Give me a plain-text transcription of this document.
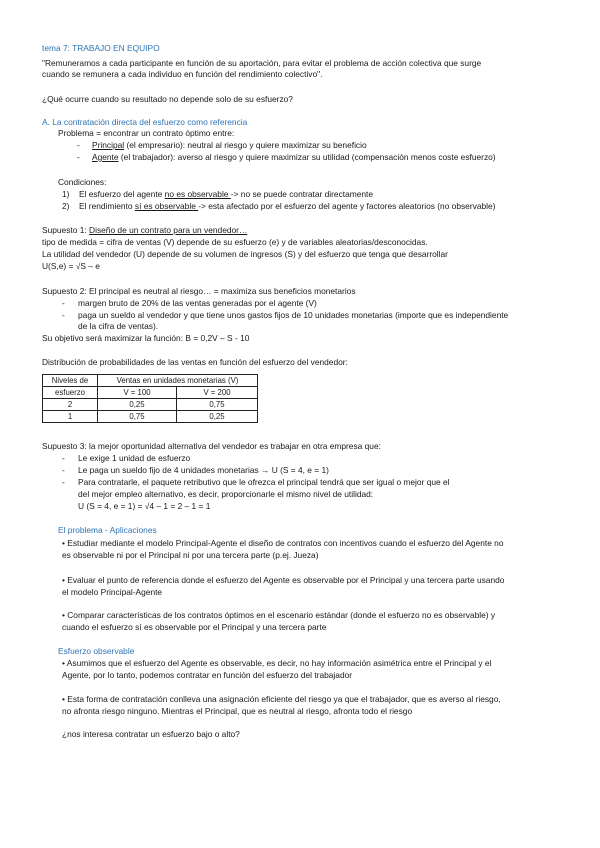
tema 7: TRABAJO EN EQUIPO
"Remuneramos a cada participante en función de su aportación, para evitar el problema de acción colectiva que surge
cuando se remunera a cada individuo en función del rendimiento colectivo".
¿Qué ocurre cuando su resultado no depende solo de su esfuerzo?
A. La contratación directa del esfuerzo como referencia
Problema = encontrar un contrato óptimo entre:
- Principal (el empresario): neutral al riesgo y quiere maximizar su beneficio
- Agente (el trabajador): averso al riesgo y quiere maximizar su utilidad (compensación menos coste esfuerzo)
Condiciones:
1) El esfuerzo del agente no es observable -> no se puede contratar directamente
2) El rendimiento sí es observable -> esta afectado por el esfuerzo del agente y factores aleatorios (no observable)
Supuesto 1: Diseño de un contrato para un vendedor…
tipo de medida = cifra de ventas (V) depende de su esfuerzo (e) y de variables aleatorias/desconocidas.
La utilidad del vendedor (U) depende de su volumen de ingresos (S) y del esfuerzo que tenga que desarrollar
U(S,e) = √S – e
Supuesto 2: El principal es neutral al riesgo… = maximiza sus beneficios monetarios
- margen bruto de 20% de las ventas generadas por el agente (V)
- paga un sueldo al vendedor y que tiene unos gastos fijos de 10 unidades monetarias (importe que es independiente
de la cifra de ventas).
Su objetivo será maximizar la función: B = 0,2V – S - 10
Distribución de probabilidades de las ventas en función del esfuerzo del vendedor:
Niveles de	Ventas en unidades monetarias (V)	
esfuerzo	V = 100	V = 200
2	0,25	0,75
1	0,75	0,25
Supuesto 3: la mejor oportunidad alternativa del vendedor es trabajar en otra empresa que:
- Le exige 1 unidad de esfuerzo
- Le paga un sueldo fijo de 4 unidades monetarias → U (S = 4, e = 1)
- Para contratarle, el paquete retributivo que le ofrezca el principal tendrá que ser igual o mejor que el
del mejor empleo alternativo, es decir, proporcionarle el mismo nivel de utilidad:
U (S = 4, e = 1) = √4 – 1 = 2 – 1 = 1
El problema - Aplicaciones
• Estudiar mediante el modelo Principal-Agente el diseño de contratos con incentivos cuando el esfuerzo del Agente no
es observable ni por el Principal ni por una tercera parte (p.ej. Jueza)
• Evaluar el punto de referencia donde el esfuerzo del Agente es observable por el Principal y una tercera parte usando
el modelo Principal-Agente
• Comparar características de los contratos óptimos en el escenario estándar (donde el esfuerzo no es observable) y
cuando el esfuerzo sí es observable por el Principal y una tercera parte
Esfuerzo observable
• Asumimos que el esfuerzo del Agente es observable, es decir, no hay información asimétrica entre el Principal y el
Agente, por lo tanto, podemos contratar en función del esfuerzo del trabajador
• Esta forma de contratación conlleva una asignación eficiente del riesgo ya que el trabajador, que es averso al riesgo,
no afronta riesgo ninguno. Mientras el Principal, que es neutral al riesgo, afronta todo el riesgo
¿nos interesa contratar un esfuerzo bajo o alto?
